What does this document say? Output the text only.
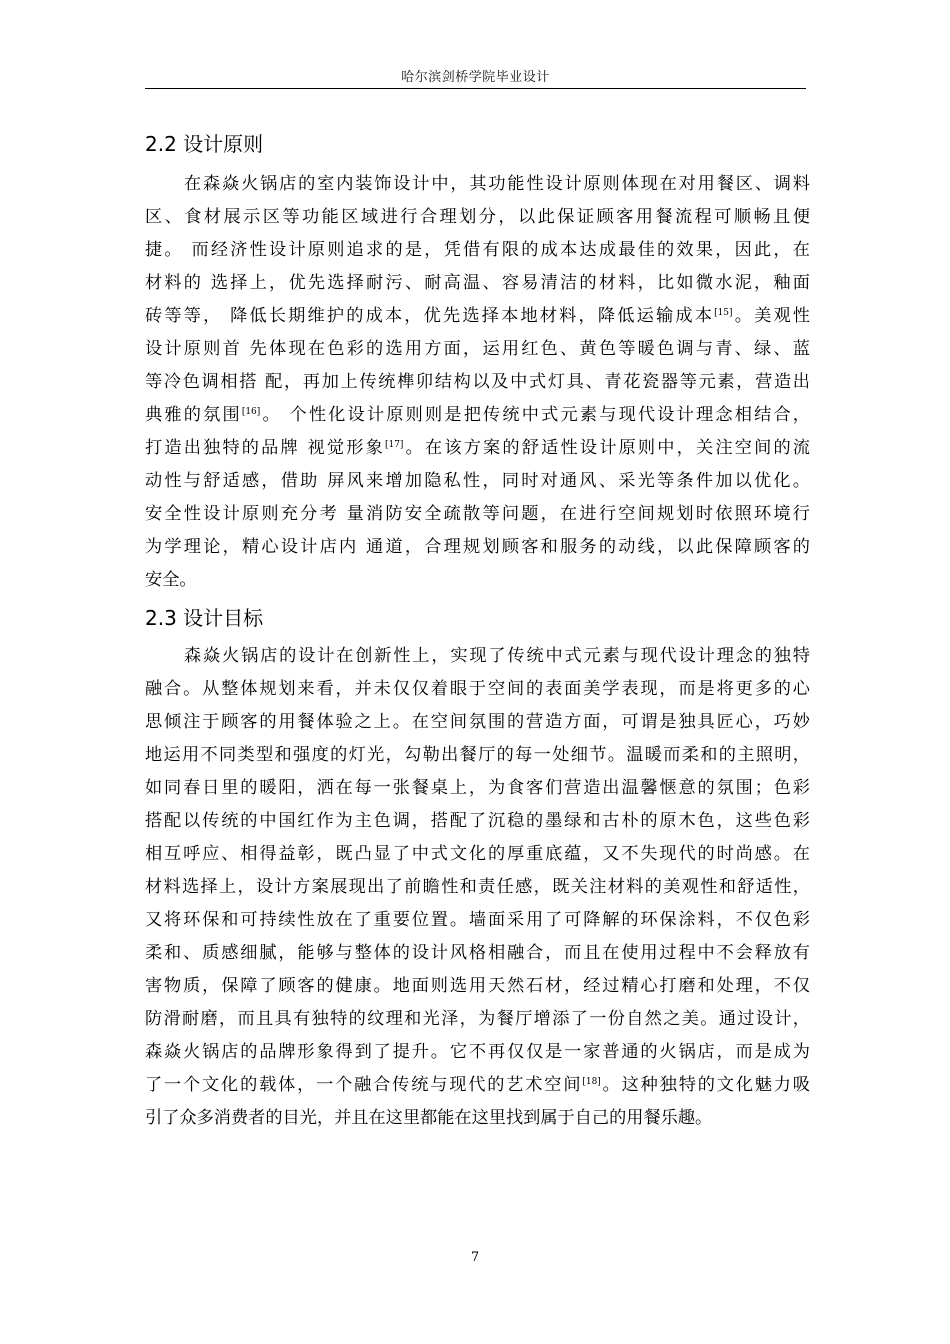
哈尔滨剑桥学院毕业设计
2.2 设计原则
在森焱火锅店的室内装饰设计中，其功能性设计原则体现在对用餐区、调料
区、食材展示区等功能区域进行合理划分，以此保证顾客用餐流程可顺畅且便
捷。 而经济性设计原则追求的是，凭借有限的成本达成最佳的效果，因此，在
材料的 选择上，优先选择耐污、耐高温、容易清洁的材料，比如微水泥，釉面
砖等等， 降低长期维护的成本，优先选择本地材料，降低运输成本[15]。美观性
设计原则首 先体现在色彩的选用方面，运用红色、黄色等暖色调与青、绿、蓝
等冷色调相搭 配，再加上传统榫卯结构以及中式灯具、青花瓷器等元素，营造出
典雅的氛围[16]。 个性化设计原则则是把传统中式元素与现代设计理念相结合，
打造出独特的品牌 视觉形象[17]。在该方案的舒适性设计原则中，关注空间的流
动性与舒适感，借助 屏风来增加隐私性，同时对通风、采光等条件加以优化。
安全性设计原则充分考 量消防安全疏散等问题，在进行空间规划时依照环境行
为学理论，精心设计店内 通道，合理规划顾客和服务的动线，以此保障顾客的
安全。
2.3 设计目标
森焱火锅店的设计在创新性上，实现了传统中式元素与现代设计理念的独特
融合。从整体规划来看，并未仅仅着眼于空间的表面美学表现，而是将更多的心
思倾注于顾客的用餐体验之上。在空间氛围的营造方面，可谓是独具匠心，巧妙
地运用不同类型和强度的灯光，勾勒出餐厅的每一处细节。温暖而柔和的主照明，
如同春日里的暖阳，洒在每一张餐桌上，为食客们营造出温馨惬意的氛围；色彩
搭配以传统的中国红作为主色调，搭配了沉稳的墨绿和古朴的原木色，这些色彩
相互呼应、相得益彰，既凸显了中式文化的厚重底蕴，又不失现代的时尚感。在
材料选择上，设计方案展现出了前瞻性和责任感，既关注材料的美观性和舒适性，
又将环保和可持续性放在了重要位置。墙面采用了可降解的环保涂料，不仅色彩
柔和、质感细腻，能够与整体的设计风格相融合，而且在使用过程中不会释放有
害物质，保障了顾客的健康。地面则选用天然石材，经过精心打磨和处理，不仅
防滑耐磨，而且具有独特的纹理和光泽，为餐厅增添了一份自然之美。通过设计，
森焱火锅店的品牌形象得到了提升。它不再仅仅是一家普通的火锅店，而是成为
了一个文化的载体，一个融合传统与现代的艺术空间[18]。这种独特的文化魅力吸
引了众多消费者的目光，并且在这里都能在这里找到属于自己的用餐乐趣。
7
